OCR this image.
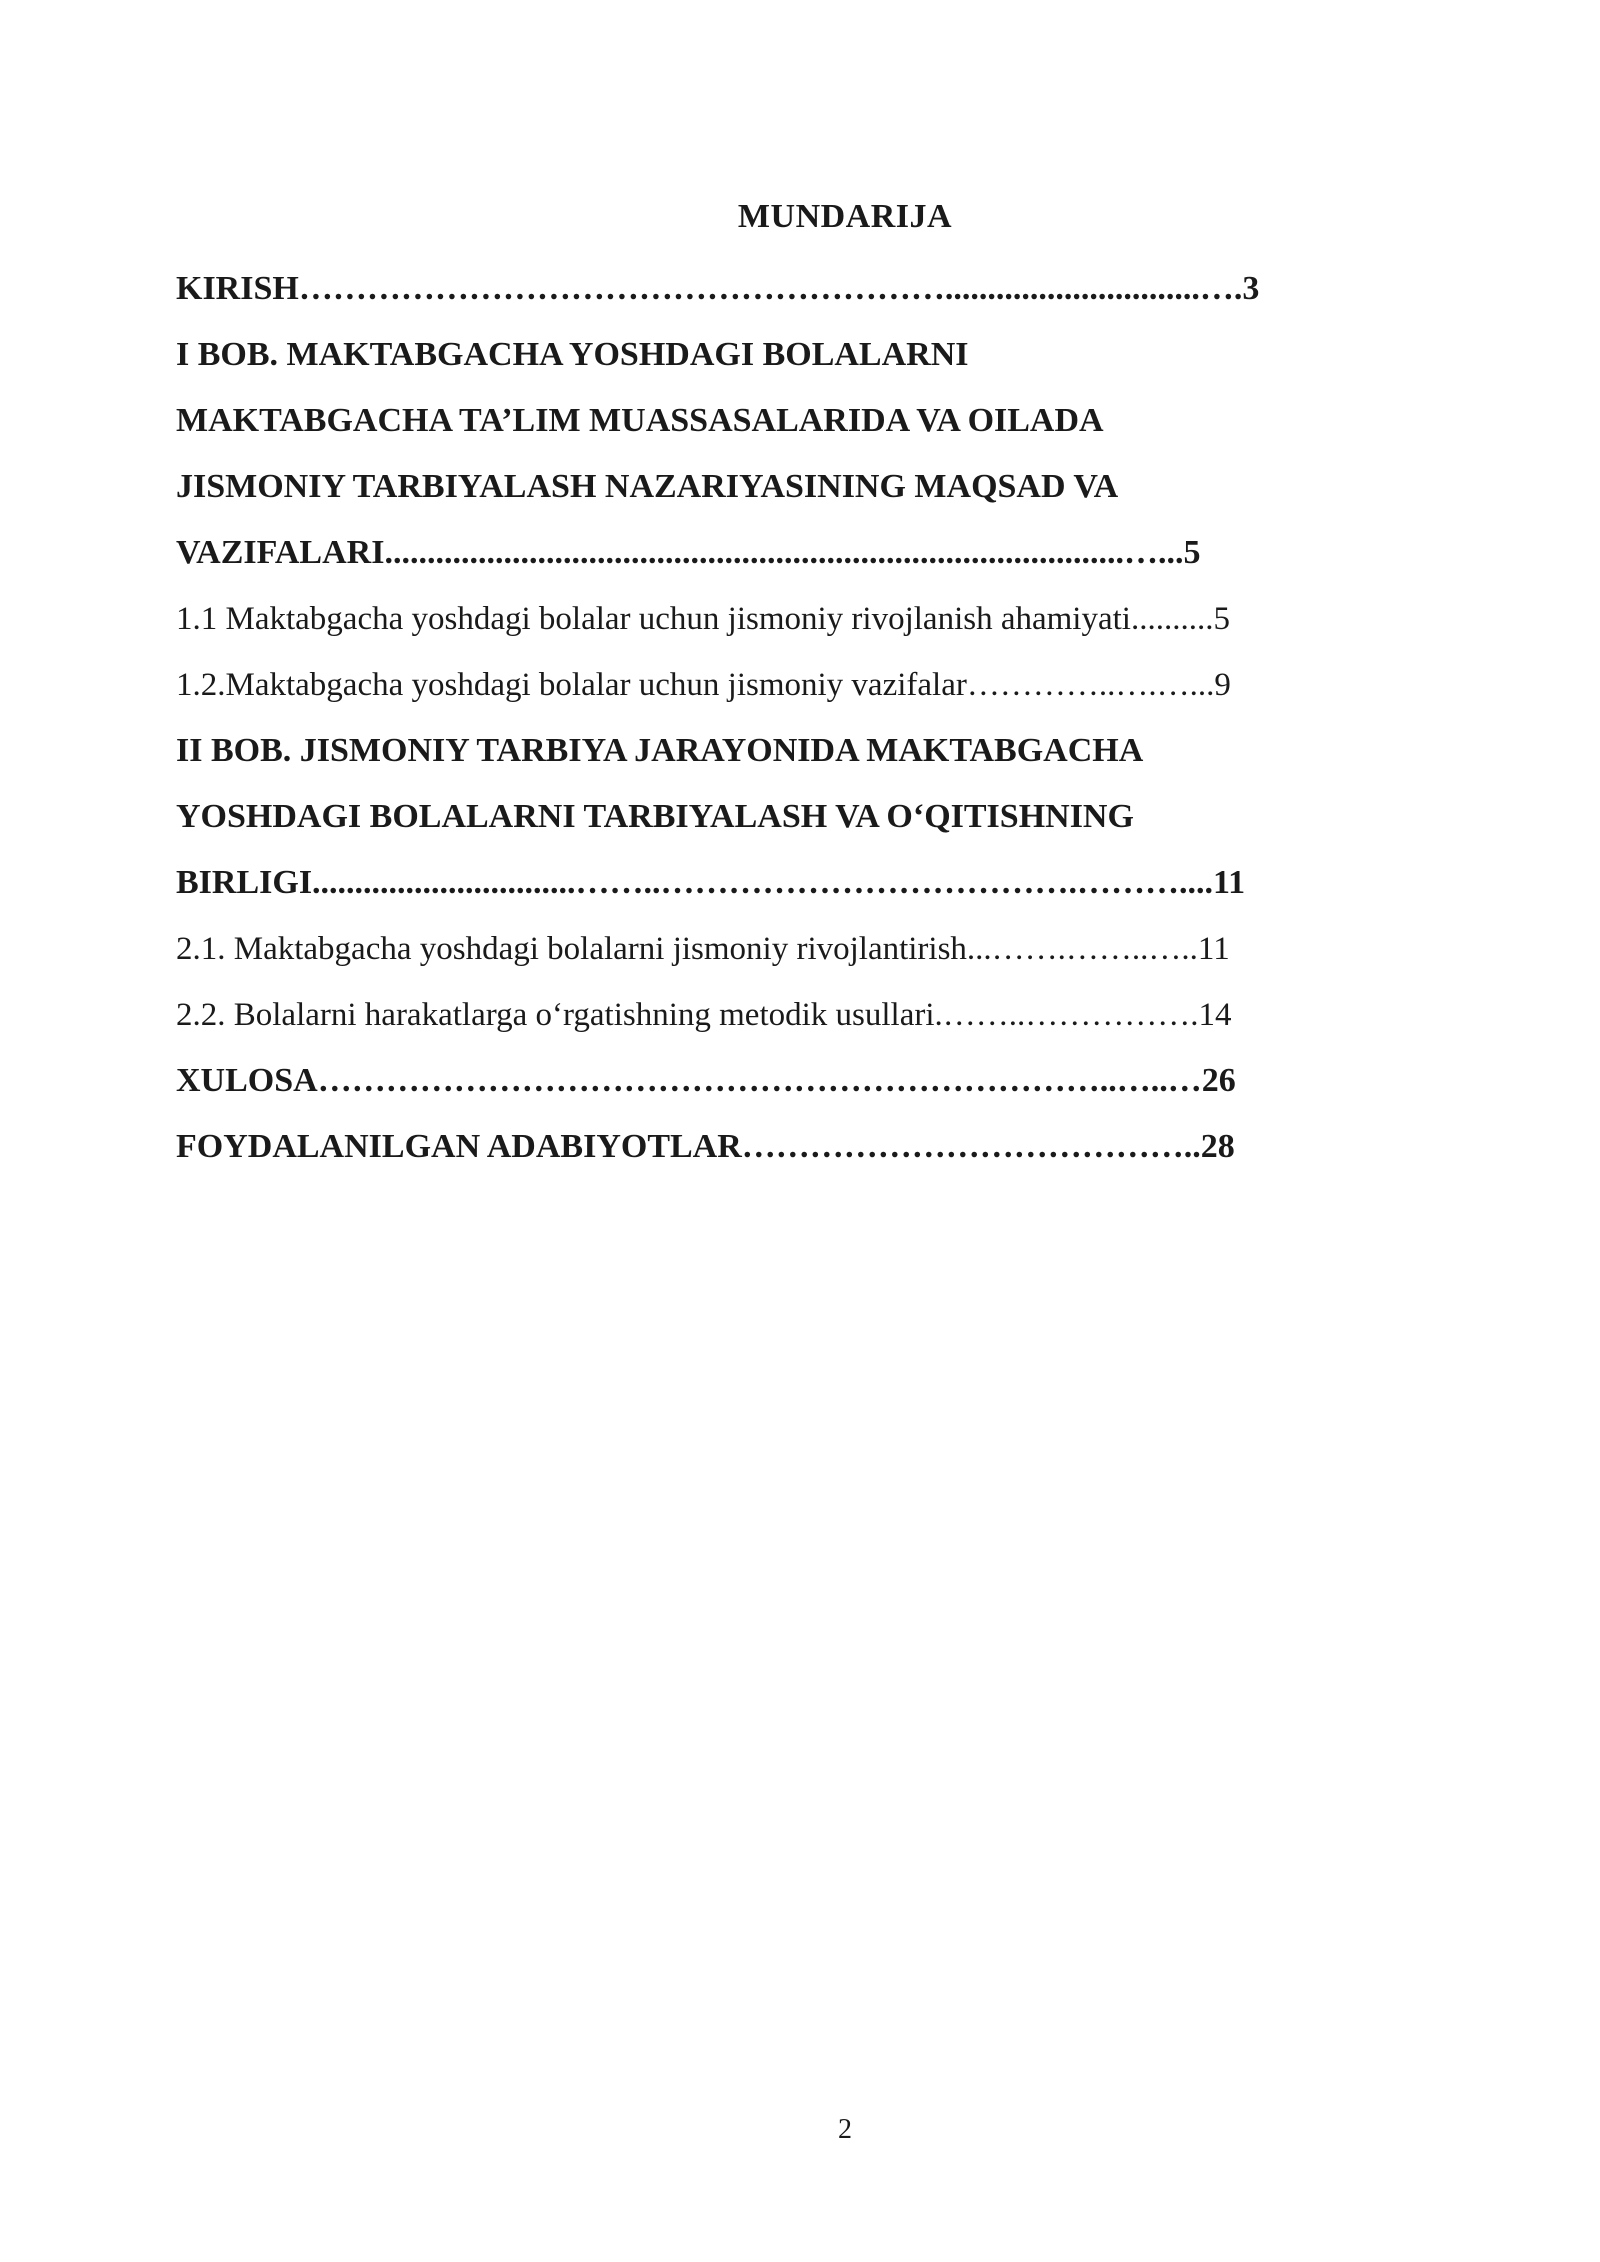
MUNDARIJA
KIRISH…………………………………………………..............................….3
I BOB. MAKTABGACHA YOSHDAGI BOLALARNI
MAKTABGACHA TA’LIM MUASSASALARIDA VA OILADA
JISMONIY TARBIYALASH NAZARIYASINING MAQSAD VA
VAZIFALARI.......................................................................................…...5
1.1 Maktabgacha yoshdagi bolalar uchun jismoniy rivojlanish ahamiyati..........5
1.2.Maktabgacha yoshdagi bolalar uchun jismoniy vazifalar…………..….…...9
II BOB. JISMONIY TARBIYA JARAYONIDA MAKTABGACHA
YOSHDAGI BOLALARNI TARBIYALASH VA O‘QITISHNING
BIRLIGI...............................……..……………………………….………....11
2.1. Maktabgacha yoshdagi bolalarni jismoniy rivojlantirish...…….……..…..11
2.2. Bolalarni harakatlarga o‘rgatishning metodik usullari.……..…………….14
XULOSA……………………………………………………………..…..…26
FOYDALANILGAN ADABIYOTLAR…………………………………..28
2
